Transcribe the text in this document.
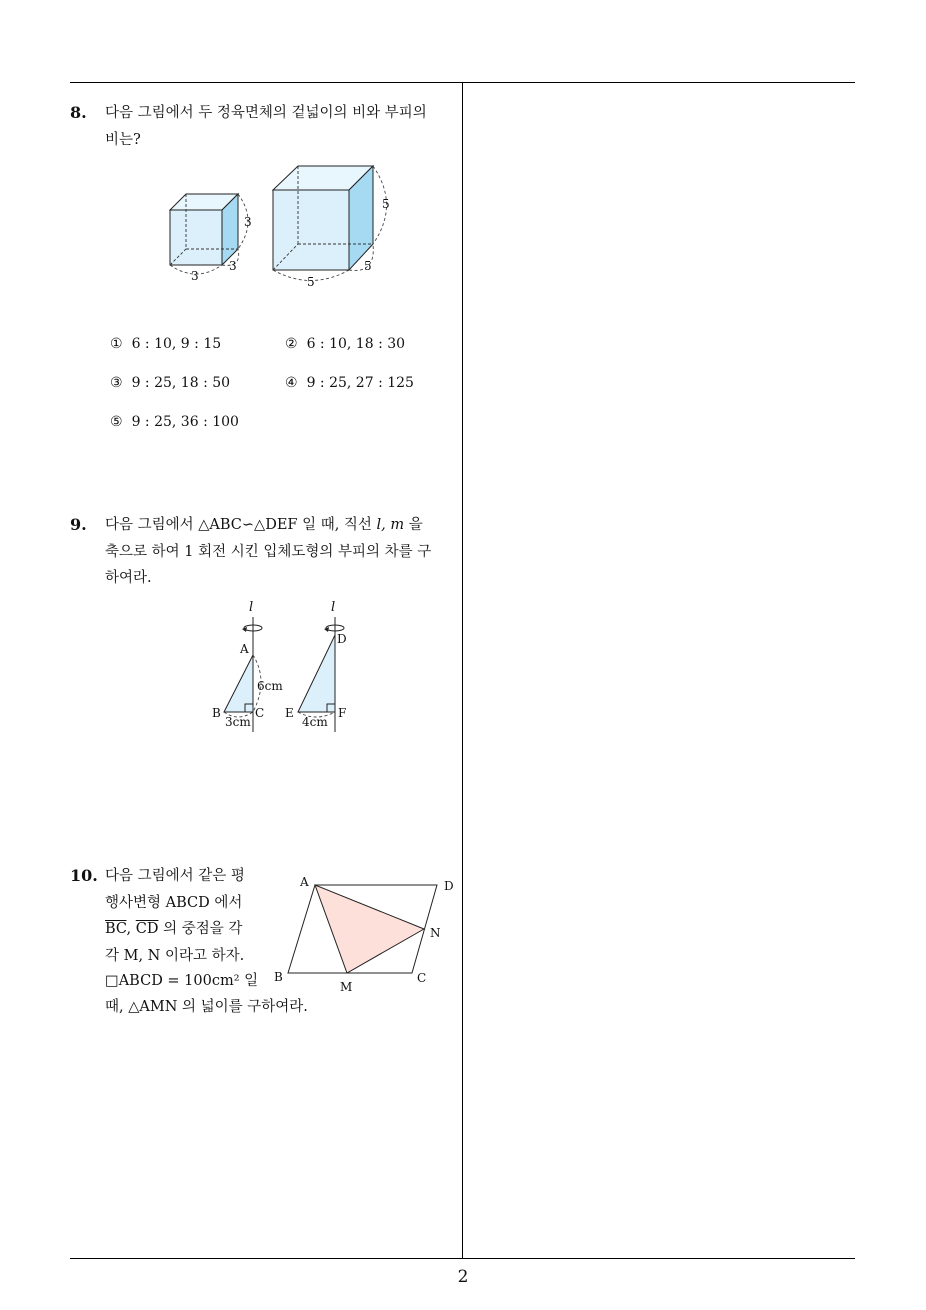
8. 다음 그림에서 두 정육면체의 겉넓이의 비와 부피의
비는?
3
3
3
5
5
5
① 6 : 10, 9 : 15	② 6 : 10, 18 : 30
③ 9 : 25, 18 : 50	④ 9 : 25, 27 : 125
⑤ 9 : 25, 36 : 100
9. 다음 그림에서 △ABC∽△DEF 일 때, 직선 l, m 을
축으로 하여 1 회전 시킨 입체도형의 부피의 차를 구
하여라.
l
A
B	C
6cm
3cm
l
D
E	F
4cm
10. 다음 그림에서 같은 평
행사변형 ABCD 에서
$\overline{BC}$, $\overline{CD}$ 의 중점을 각
각 M, N 이라고 하자.
□ABCD = 100cm² 일
때, △AMN 의 넓이를 구하여라.
A
B	C
D
M
N
2
